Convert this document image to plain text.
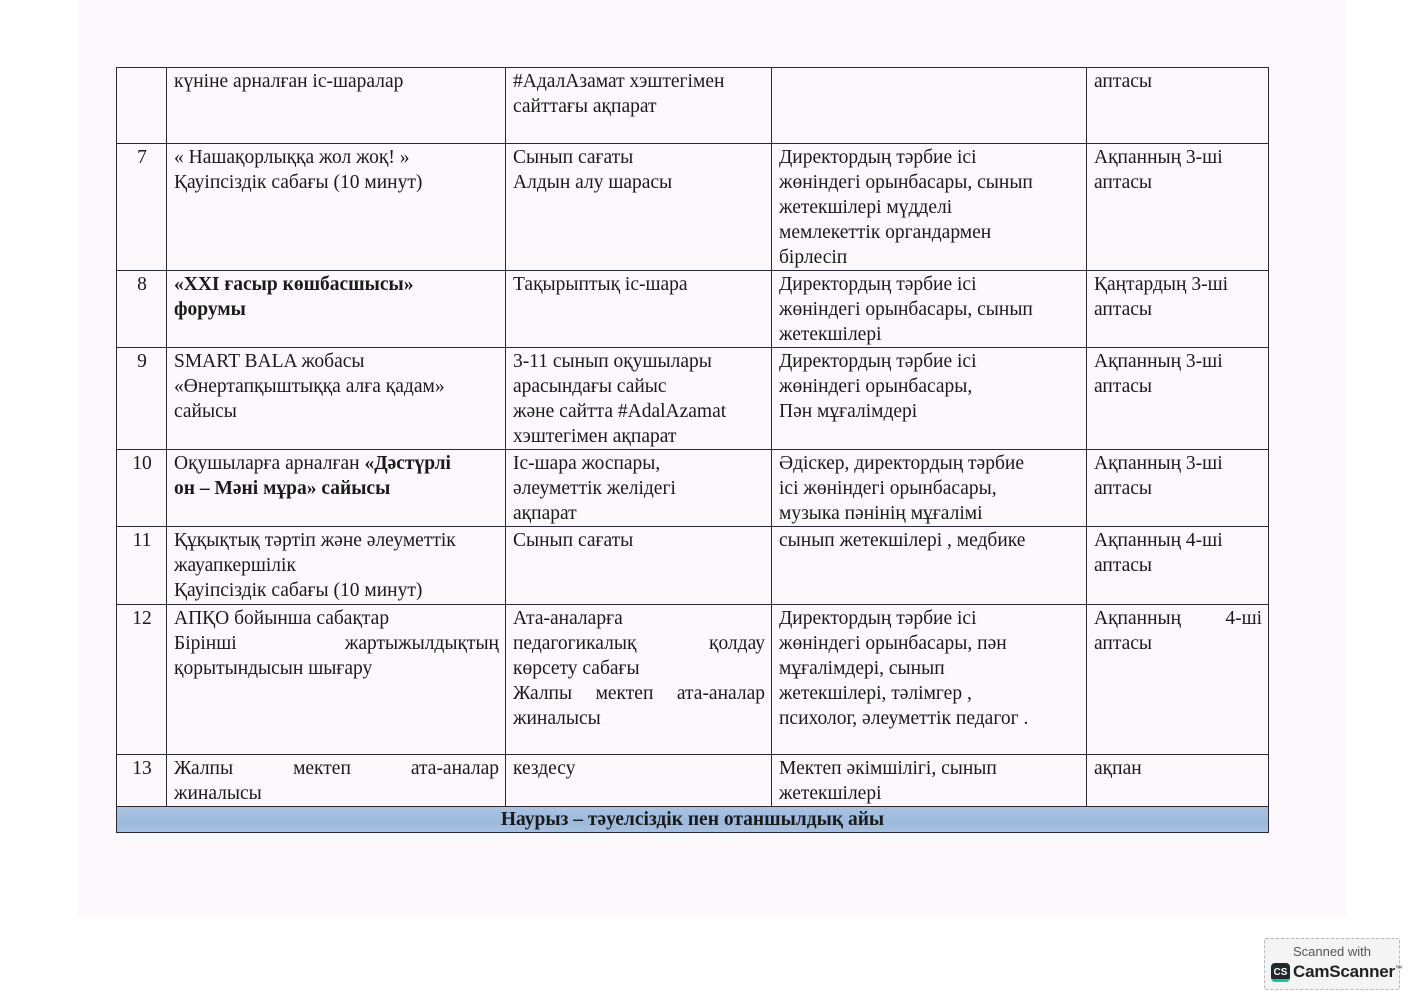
	күніне арналған іс-шаралар	#АдалАзамат хэштегімен
сайттағы ақпарат		аптасы

7	« Нашақорлыққа жол жоқ! »
Қауіпсіздік сабағы (10 минут)	Сынып сағаты
Алдын алу шарасы	Директордың тәрбие ісі
жөніндегі орынбасары, сынып
жетекшілері мүдделі
мемлекеттік органдармен
бірлесіп	Ақпанның 3-ші
аптасы

8	«XXI ғасыр көшбасшысы»
форумы	Тақырыптық іс-шара	Директордың тәрбие ісі
жөніндегі орынбасары, сынып
жетекшілері	Қаңтардың 3-ші
аптасы

9	SMART BALA жобасы
«Өнертапқыштыққа алға қадам»
сайысы	3-11 сынып оқушылары
арасындағы сайыс
және сайтта #AdalAzamat
хэштегімен ақпарат	Директордың тәрбие ісі
жөніндегі орынбасары,
Пән мұғалімдері	Ақпанның 3-ші
аптасы

10	Оқушыларға арналған «Дәстүрлі
он – Мәні мұра» сайысы	Іс-шара жоспары,
әлеуметтік желідегі
ақпарат	Әдіскер, директордың тәрбие
ісі жөніндегі орынбасары,
музыка пәнінің мұғалімі	Ақпанның 3-ші
аптасы

11	Құқықтық тәртіп және әлеуметтік
жауапкершілік
Қауіпсіздік сабағы (10 минут)	Сынып сағаты	сынып жетекшілері , медбике	Ақпанның 4-ші
аптасы

12	АПҚО бойынша сабақтар
Бірінші жартыжылдықтың
қорытындысын шығару	Ата-аналарға
педагогикалық қолдау
көрсету сабағы
Жалпы мектеп ата-аналар
жиналысы	Директордың тәрбие ісі
жөніндегі орынбасары, пән
мұғалімдері, сынып
жетекшілері, тәлімгер ,
психолог, әлеуметтік педагог .	Ақпанның 4-ші
аптасы

13	Жалпы мектеп ата-аналар
жиналысы	кездесу	Мектеп әкімшілігі, сынып
жетекшілері	ақпан

Наурыз – тәуелсіздік пен отаншылдық айы				
Scanned with
CS CamScanner™
